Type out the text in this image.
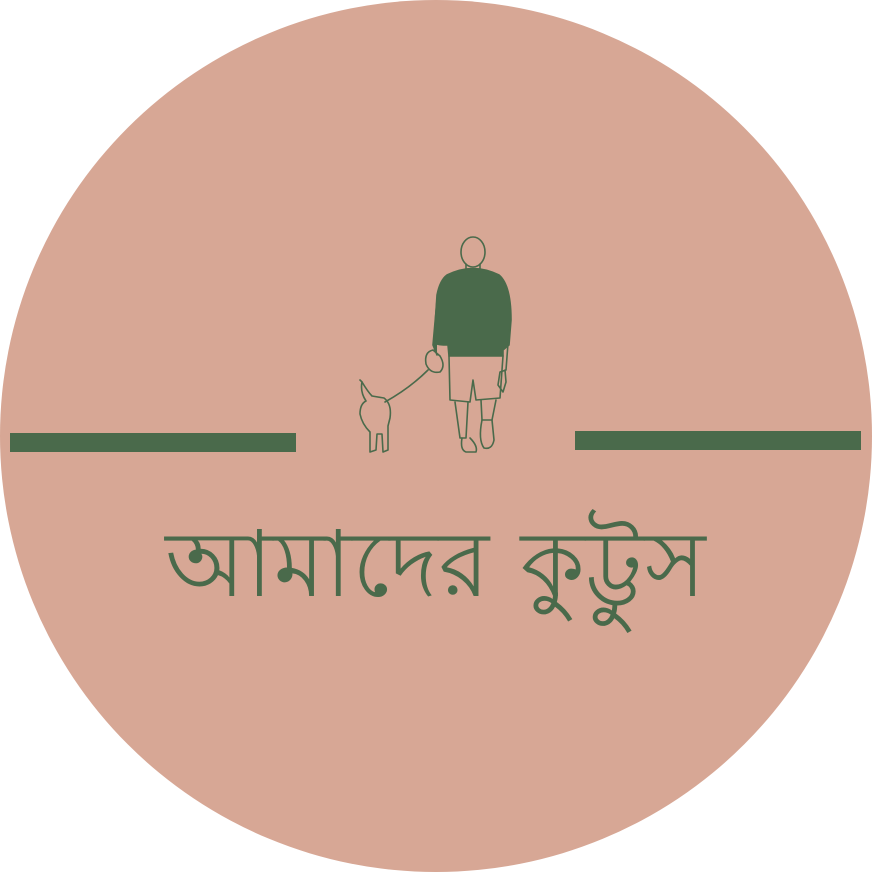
আমাদের কুট্টুস
